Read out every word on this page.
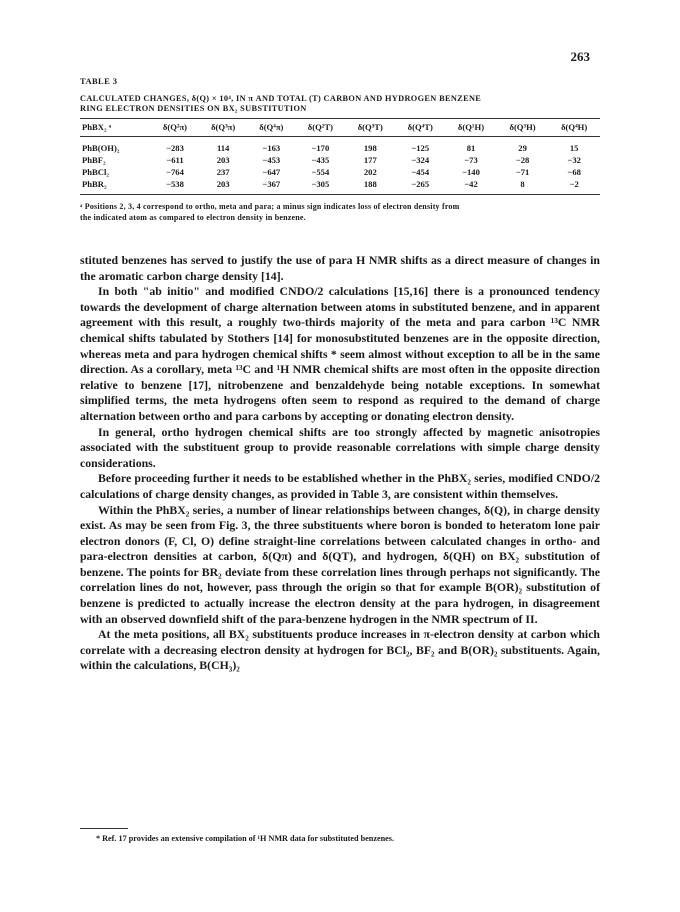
263
TABLE 3
CALCULATED CHANGES, δ(Q) × 10⁴, IN π AND TOTAL (T) CARBON AND HYDROGEN BENZENE
RING ELECTRON DENSITIES ON BX₂ SUBSTITUTION
PhBX₂ ᵃ	δ(Q²π)	δ(Q³π)	δ(Q⁴π)	δ(Q²T)	δ(Q³T)	δ(Q⁴T)	δ(Q¹H)	δ(Q³H)	δ(Q⁴H)
PhB(OH)₂	−283	114	−163	−170	198	−125	81	29	15
PhBF₂	−611	203	−453	−435	177	−324	−73	−28	−32
PhBCl₂	−764	237	−647	−554	202	−454	−140	−71	−68
PhBR₂	−538	203	−367	−305	188	−265	−42	8	−2
ᵃ Positions 2, 3, 4 correspond to ortho, meta and para; a minus sign indicates loss of electron density from
the indicated atom as compared to electron density in benzene.

stituted benzenes has served to justify the use of para H NMR shifts as a direct measure of changes in the aromatic carbon charge density [14].

In both "ab initio" and modified CNDO/2 calculations [15,16] there is a pronounced tendency towards the development of charge alternation between atoms in substituted benzene, and in apparent agreement with this result, a roughly two-thirds majority of the meta and para carbon ¹³C NMR chemical shifts tabulated by Stothers [14] for monosubstituted benzenes are in the opposite direction, whereas meta and para hydrogen chemical shifts * seem almost without exception to all be in the same direction. As a corollary, meta ¹³C and ¹H NMR chemical shifts are most often in the opposite direction relative to benzene [17], nitrobenzene and benzaldehyde being notable exceptions. In somewhat simplified terms, the meta hydrogens often seem to respond as required to the demand of charge alternation between ortho and para carbons by accepting or donating electron density.

In general, ortho hydrogen chemical shifts are too strongly affected by magnetic anisotropies associated with the substituent group to provide reasonable correlations with simple charge density considerations.

Before proceeding further it needs to be established whether in the PhBX₂ series, modified CNDO/2 calculations of charge density changes, as provided in Table 3, are consistent within themselves.

Within the PhBX₂ series, a number of linear relationships between changes, δ(Q), in charge density exist. As may be seen from Fig. 3, the three substituents where boron is bonded to heteratom lone pair electron donors (F, Cl, O) define straight-line correlations between calculated changes in ortho- and para-electron densities at carbon, δ(Qπ) and δ(QT), and hydrogen, δ(QH) on BX₂ substitution of benzene. The points for BR₂ deviate from these correlation lines through perhaps not significantly. The correlation lines do not, however, pass through the origin so that for example B(OR)₂ substitution of benzene is predicted to actually increase the electron density at the para hydrogen, in disagreement with an observed downfield shift of the para-benzene hydrogen in the NMR spectrum of II.

At the meta positions, all BX₂ substituents produce increases in π-electron density at carbon which correlate with a decreasing electron density at hydrogen for BCl₂, BF₂ and B(OR)₂ substituents. Again, within the calculations, B(CH₃)₂

* Ref. 17 provides an extensive compilation of ¹H NMR data for substituted benzenes.
